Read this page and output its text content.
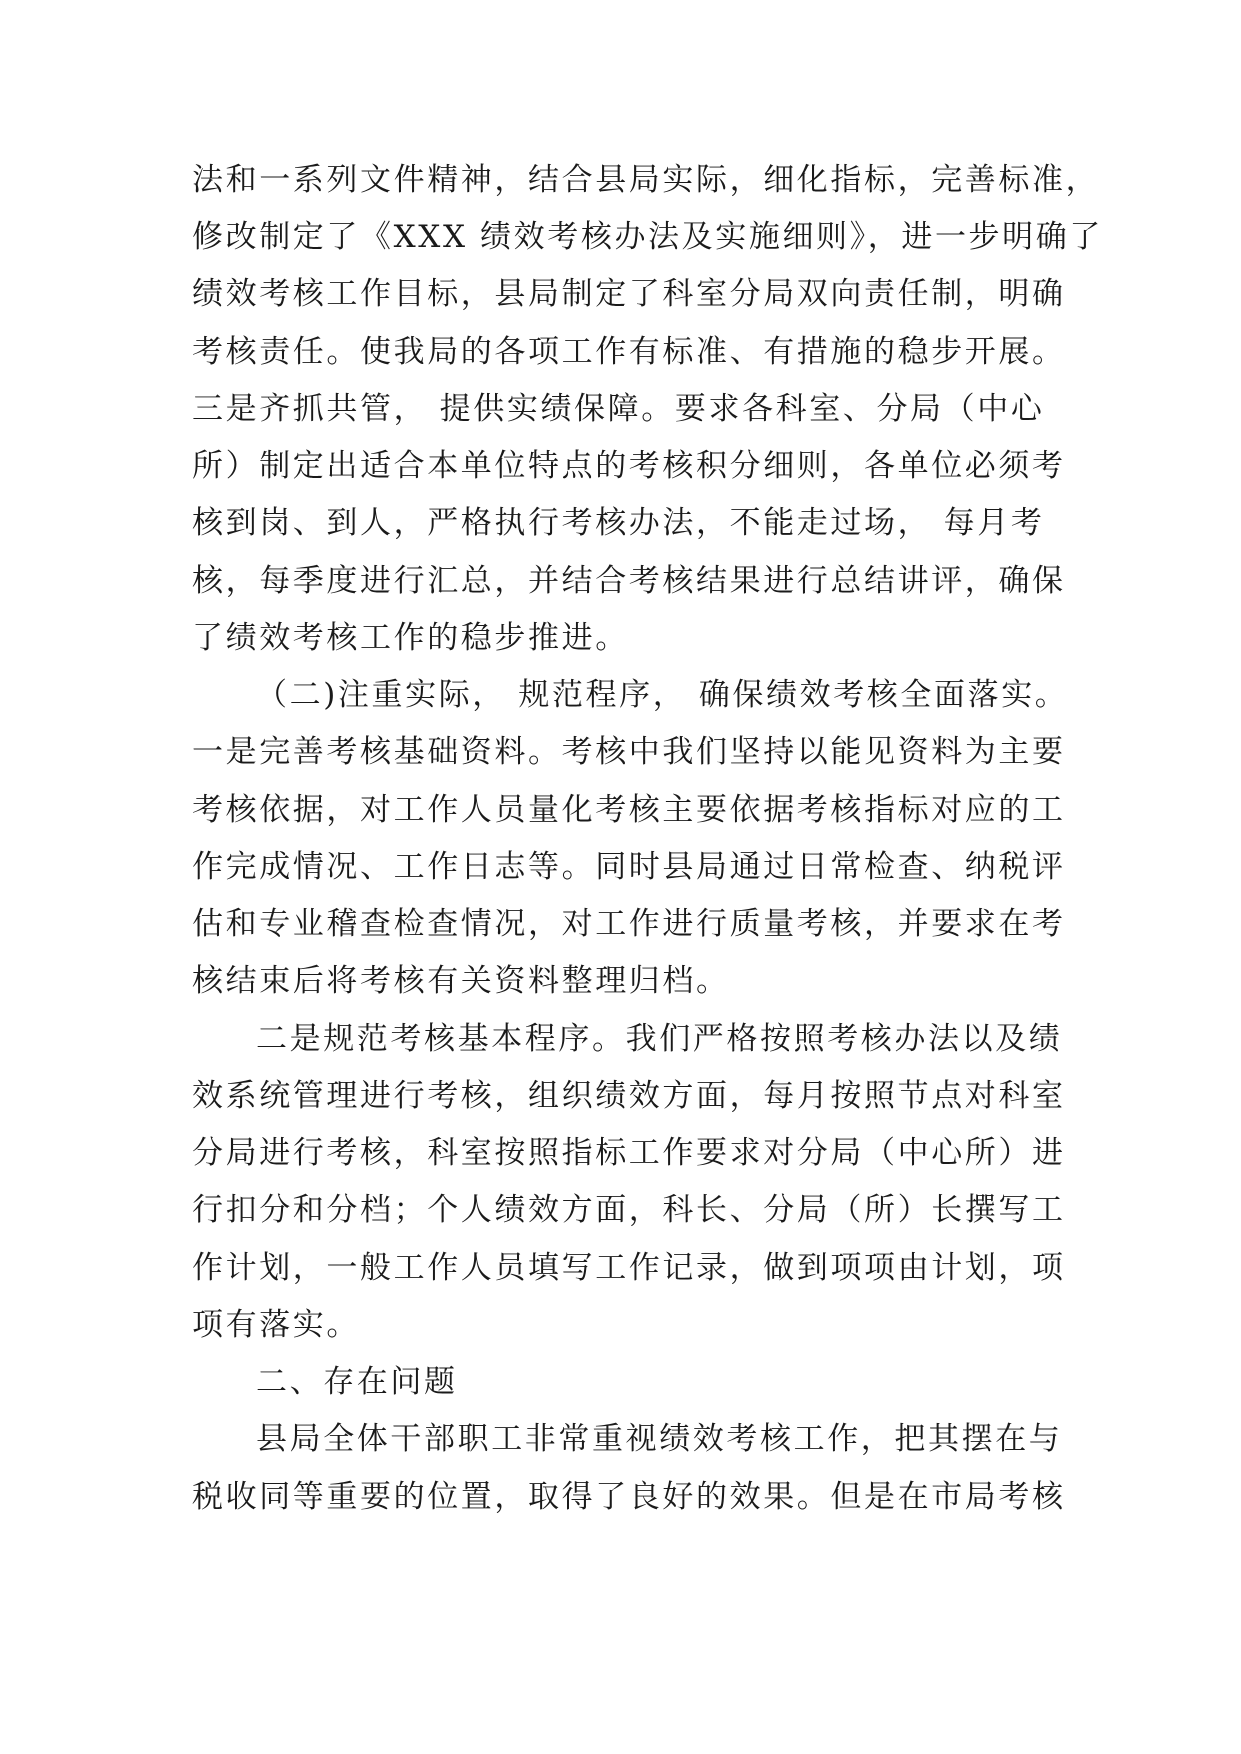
法和一系列文件精神，结合县局实际，细化指标，完善标准，
修改制定了《XXX 绩效考核办法及实施细则》，进一步明确了
绩效考核工作目标，县局制定了科室分局双向责任制，明确
考核责任。使我局的各项工作有标准、有措施的稳步开展。
三是齐抓共管， 提供实绩保障。要求各科室、分局（中心
所）制定出适合本单位特点的考核积分细则，各单位必须考
核到岗、到人，严格执行考核办法，不能走过场， 每月考
核，每季度进行汇总，并结合考核结果进行总结讲评，确保
了绩效考核工作的稳步推进。
（二)注重实际， 规范程序， 确保绩效考核全面落实。
一是完善考核基础资料。考核中我们坚持以能见资料为主要
考核依据，对工作人员量化考核主要依据考核指标对应的工
作完成情况、工作日志等。同时县局通过日常检查、纳税评
估和专业稽查检查情况，对工作进行质量考核，并要求在考
核结束后将考核有关资料整理归档。
二是规范考核基本程序。我们严格按照考核办法以及绩
效系统管理进行考核，组织绩效方面，每月按照节点对科室
分局进行考核，科室按照指标工作要求对分局（中心所）进
行扣分和分档；个人绩效方面，科长、分局（所）长撰写工
作计划，一般工作人员填写工作记录，做到项项由计划，项
项有落实。
二、存在问题
县局全体干部职工非常重视绩效考核工作，把其摆在与
税收同等重要的位置，取得了良好的效果。但是在市局考核
